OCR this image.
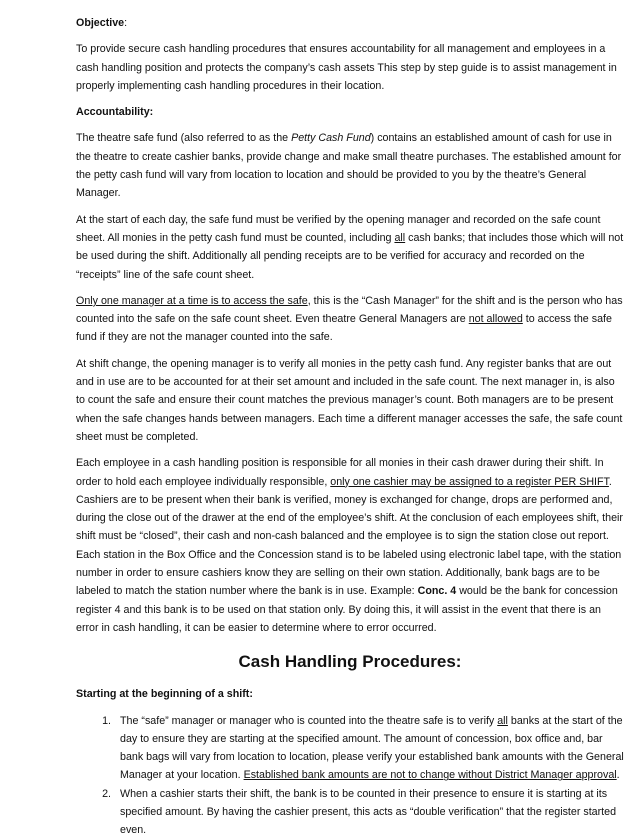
Objective:

To provide secure cash handling procedures that ensures accountability for all management and employees in a cash handling position and protects the company’s cash assets This step by step guide is to assist management in properly implementing cash handling procedures in their location.

Accountability:

The theatre safe fund (also referred to as the Petty Cash Fund) contains an established amount of cash for use in the theatre to create cashier banks, provide change and make small theatre purchases. The established amount for the petty cash fund will vary from location to location and should be provided to you by the theatre’s General Manager.

At the start of each day, the safe fund must be verified by the opening manager and recorded on the safe count sheet. All monies in the petty cash fund must be counted, including all cash banks; that includes those which will not be used during the shift. Additionally all pending receipts are to be verified for accuracy and recorded on the “receipts” line of the safe count sheet.

Only one manager at a time is to access the safe, this is the “Cash Manager” for the shift and is the person who has counted into the safe on the safe count sheet. Even theatre General Managers are not allowed to access the safe fund if they are not the manager counted into the safe.

At shift change, the opening manager is to verify all monies in the petty cash fund. Any register banks that are out and in use are to be accounted for at their set amount and included in the safe count. The next manager in, is also to count the safe and ensure their count matches the previous manager’s count. Both managers are to be present when the safe changes hands between managers. Each time a different manager accesses the safe, the safe count sheet must be completed.

Each employee in a cash handling position is responsible for all monies in their cash drawer during their shift. In order to hold each employee individually responsible, only one cashier may be assigned to a register PER SHIFT. Cashiers are to be present when their bank is verified, money is exchanged for change, drops are performed and, during the close out of the drawer at the end of the employee’s shift. At the conclusion of each employees shift, their shift must be “closed”, their cash and non-cash balanced and the employee is to sign the station close out report. Each station in the Box Office and the Concession stand is to be labeled using electronic label tape, with the station number in order to ensure cashiers know they are selling on their own station. Additionally, bank bags are to be labeled to match the station number where the bank is in use. Example: Conc. 4 would be the bank for concession register 4 and this bank is to be used on that station only. By doing this, it will assist in the event that there is an error in cash handling, it can be easier to determine where to error occurred.

Cash Handling Procedures:

Starting at the beginning of a shift:

1. The “safe” manager or manager who is counted into the theatre safe is to verify all banks at the start of the day to ensure they are starting at the specified amount. The amount of concession, box office and, bar bank bags will vary from location to location, please verify your established bank amounts with the General Manager at your location. Established bank amounts are not to change without District Manager approval.
2. When a cashier starts their shift, the bank is to be counted in their presence to ensure it is starting at its specified amount. By having the cashier present, this acts as “double verification” that the register started even.
